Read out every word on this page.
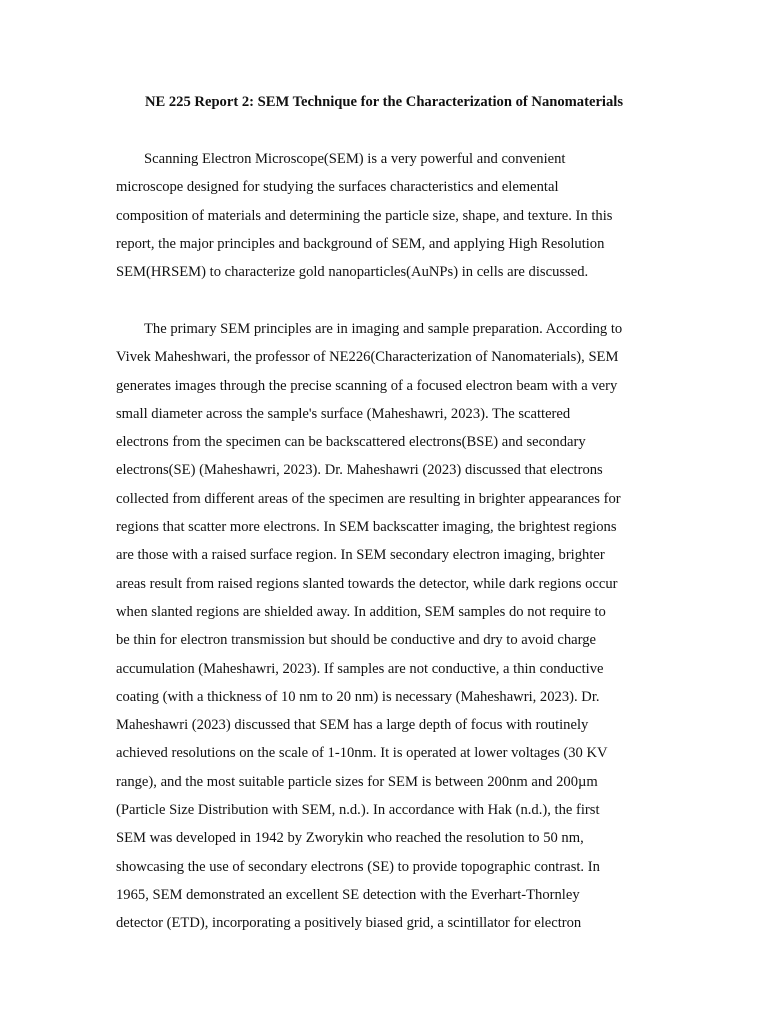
NE 225 Report 2: SEM Technique for the Characterization of Nanomaterials

Scanning Electron Microscope(SEM) is a very powerful and convenient
microscope designed for studying the surfaces characteristics and elemental
composition of materials and determining the particle size, shape, and texture. In this
report, the major principles and background of SEM, and applying High Resolution
SEM(HRSEM) to characterize gold nanoparticles(AuNPs) in cells are discussed.

The primary SEM principles are in imaging and sample preparation. According to
Vivek Maheshwari, the professor of NE226(Characterization of Nanomaterials), SEM
generates images through the precise scanning of a focused electron beam with a very
small diameter across the sample's surface (Maheshawri, 2023). The scattered
electrons from the specimen can be backscattered electrons(BSE) and secondary
electrons(SE) (Maheshawri, 2023). Dr. Maheshawri (2023) discussed that electrons
collected from different areas of the specimen are resulting in brighter appearances for
regions that scatter more electrons. In SEM backscatter imaging, the brightest regions
are those with a raised surface region. In SEM secondary electron imaging, brighter
areas result from raised regions slanted towards the detector, while dark regions occur
when slanted regions are shielded away. In addition, SEM samples do not require to
be thin for electron transmission but should be conductive and dry to avoid charge
accumulation (Maheshawri, 2023). If samples are not conductive, a thin conductive
coating (with a thickness of 10 nm to 20 nm) is necessary (Maheshawri, 2023). Dr.
Maheshawri (2023) discussed that SEM has a large depth of focus with routinely
achieved resolutions on the scale of 1-10nm. It is operated at lower voltages (30 KV
range), and the most suitable particle sizes for SEM is between 200nm and 200µm
(Particle Size Distribution with SEM, n.d.). In accordance with Hak (n.d.), the first
SEM was developed in 1942 by Zworykin who reached the resolution to 50 nm,
showcasing the use of secondary electrons (SE) to provide topographic contrast. In
1965, SEM demonstrated an excellent SE detection with the Everhart-Thornley
detector (ETD), incorporating a positively biased grid, a scintillator for electron
